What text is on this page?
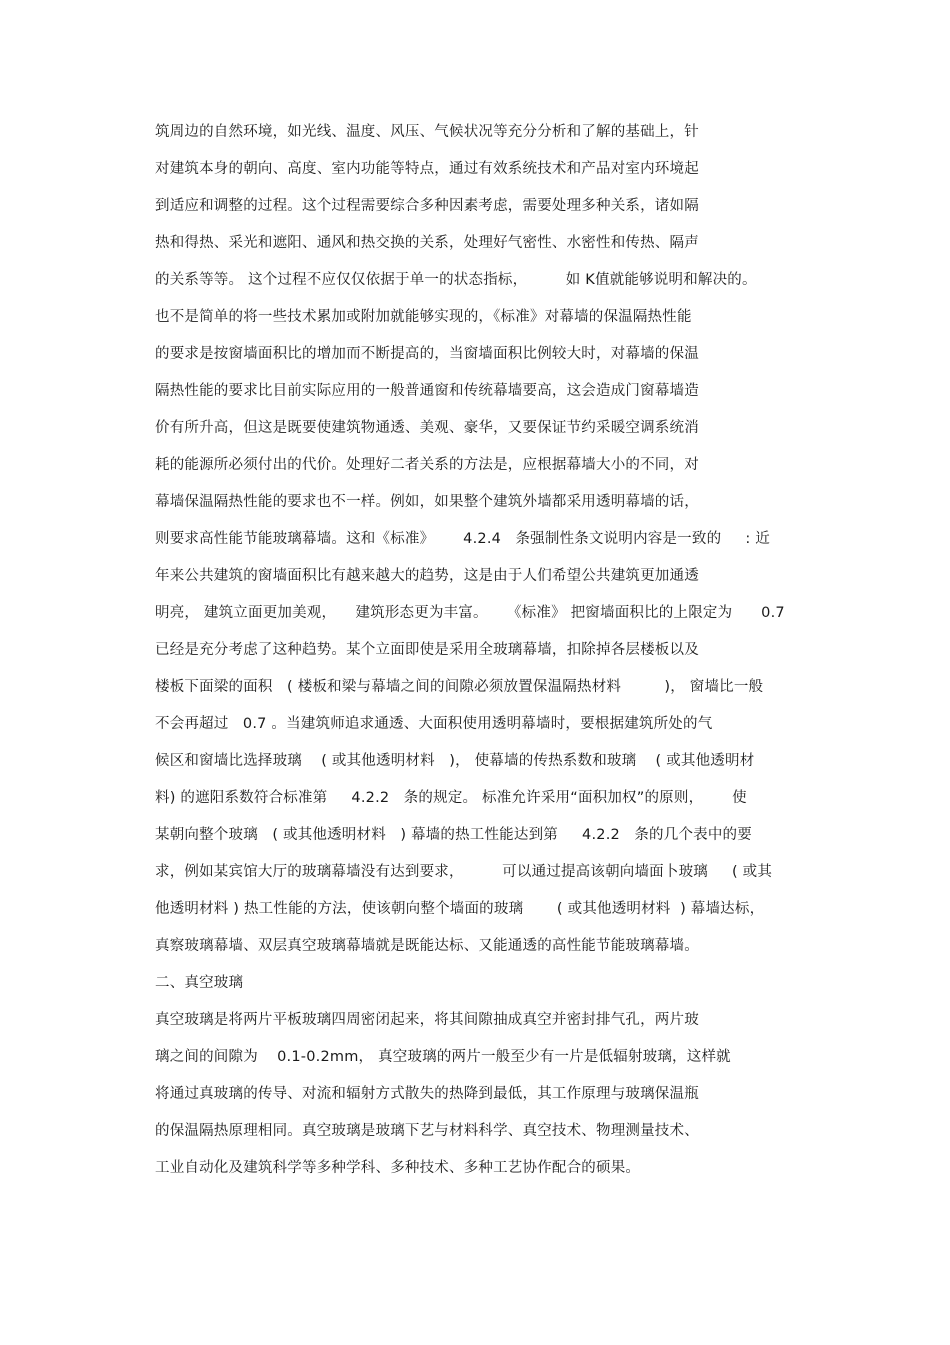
筑周边的自然环境，如光线、温度、风压、气候状况等充分分析和了解的基础上，针
对建筑本身的朝向、高度、室内功能等特点，通过有效系统技术和产品对室内环境起
到适应和调整的过程。这个过程需要综合多种因素考虑，需要处理多种关系，诸如隔
热和得热、采光和遮阳、通风和热交换的关系，处理好气密性、水密性和传热、隔声
的关系等等。 这个过程不应仅仅依据于单一的状态指标，        如 K值就能够说明和解决的。
也不是简单的将一些技术累加或附加就能够实现的，《标准》对幕墙的保温隔热性能
的要求是按窗墙面积比的增加而不断提高的，当窗墙面积比例较大时，对幕墙的保温
隔热性能的要求比目前实际应用的一般普通窗和传统幕墙要高，这会造成门窗幕墙造
价有所升高，但这是既要使建筑物通透、美观、豪华，又要保证节约采暖空调系统消
耗的能源所必须付出的代价。处理好二者关系的方法是，应根据幕墙大小的不同，对
幕墙保温隔热性能的要求也不一样。例如，如果整个建筑外墙都采用透明幕墙的话，
则要求高性能节能玻璃幕墙。这和《标准》      4.2.4   条强制性条文说明内容是一致的     : 近
年来公共建筑的窗墙面积比有越来越大的趋势，这是由于人们希望公共建筑更加通透
明亮， 建筑立面更加美观，    建筑形态更为丰富。    《标准》 把窗墙面积比的上限定为      0.7
已经是充分考虑了这种趋势。某个立面即使是采用全玻璃幕墙，扣除掉各层楼板以及
楼板下面梁的面积   ( 楼板和梁与幕墙之间的间隙必须放置保温隔热材料         )， 窗墙比一般
不会再超过   0.7 。当建筑师追求通透、大面积使用透明幕墙时，要根据建筑所处的气
候区和窗墙比选择玻璃    ( 或其他透明材料   )， 使幕墙的传热系数和玻璃    ( 或其他透明材
料) 的遮阳系数符合标准第     4.2.2   条的规定。 标准允许采用“面积加权”的原则，      使
某朝向整个玻璃   ( 或其他透明材料   ) 幕墙的热工性能达到第     4.2.2   条的几个表中的要
求，例如某宾馆大厅的玻璃幕墙没有达到要求，        可以通过提高该朝向墙面卜玻璃     ( 或其
他透明材料 ) 热工性能的方法，使该朝向整个墙面的玻璃       ( 或其他透明材料  ) 幕墙达标，
真察玻璃幕墙、双层真空玻璃幕墙就是既能达标、又能通透的高性能节能玻璃幕墙。
二、真空玻璃
真空玻璃是将两片平板玻璃四周密闭起来，将其间隙抽成真空并密封排气孔，两片玻
璃之间的间隙为    0.1-0.2mm， 真空玻璃的两片一般至少有一片是低辐射玻璃，这样就
将通过真玻璃的传导、对流和辐射方式散失的热降到最低，其工作原理与玻璃保温瓶
的保温隔热原理相同。真空玻璃是玻璃下艺与材料科学、真空技术、物理测量技术、
工业自动化及建筑科学等多种学科、多种技术、多种工艺协作配合的硕果。
